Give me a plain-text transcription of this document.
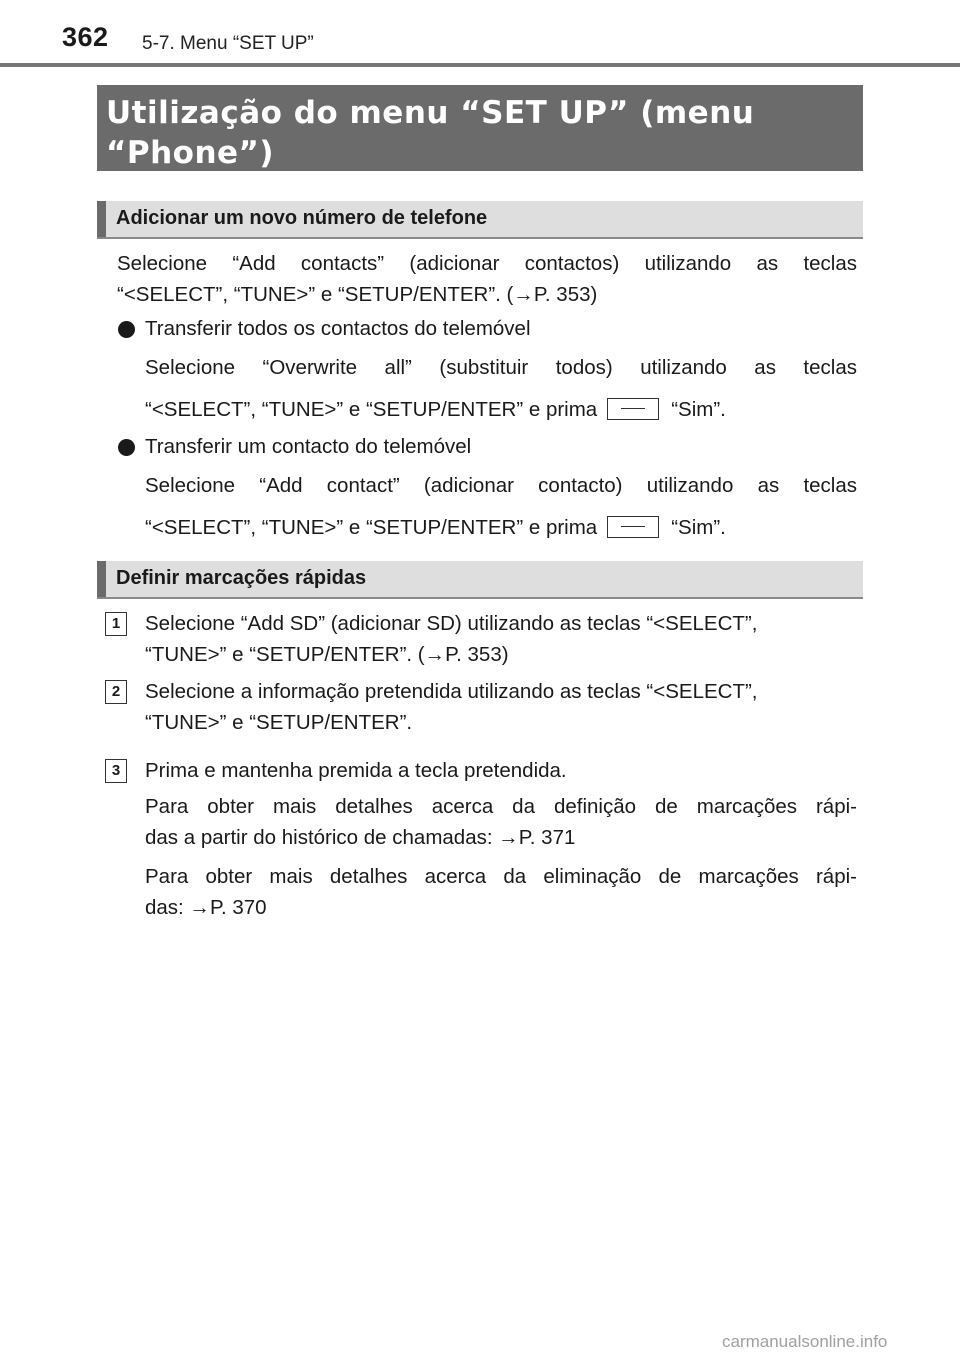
362 5-7. Menu “SET UP”
Utilização do menu “SET UP” (menu
“Phone”)
Adicionar um novo número de telefone
Selecione “Add contacts” (adicionar contactos) utilizando as teclas
“<SELECT”, “TUNE>” e “SETUP/ENTER”. (→P. 353)
Transferir todos os contactos do telemóvel
Selecione “Overwrite all” (substituir todos) utilizando as teclas
“<SELECT”, “TUNE>” e “SETUP/ENTER” e prima	“Sim”.
Transferir um contacto do telemóvel
Selecione “Add contact” (adicionar contacto) utilizando as teclas
“<SELECT”, “TUNE>” e “SETUP/ENTER” e prima	“Sim”.
Definir marcações rápidas
1	Selecione “Add SD” (adicionar SD) utilizando as teclas “<SELECT”,
“TUNE>” e “SETUP/ENTER”. (→P. 353)
2	Selecione a informação pretendida utilizando as teclas “<SELECT”,
“TUNE>” e “SETUP/ENTER”.
3	Prima e mantenha premida a tecla pretendida.
Para obter mais detalhes acerca da definição de marcações rápi-
das a partir do histórico de chamadas: →P. 371
Para obter mais detalhes acerca da eliminação de marcações rápi-
das: →P. 370
carmanualsonline.info
